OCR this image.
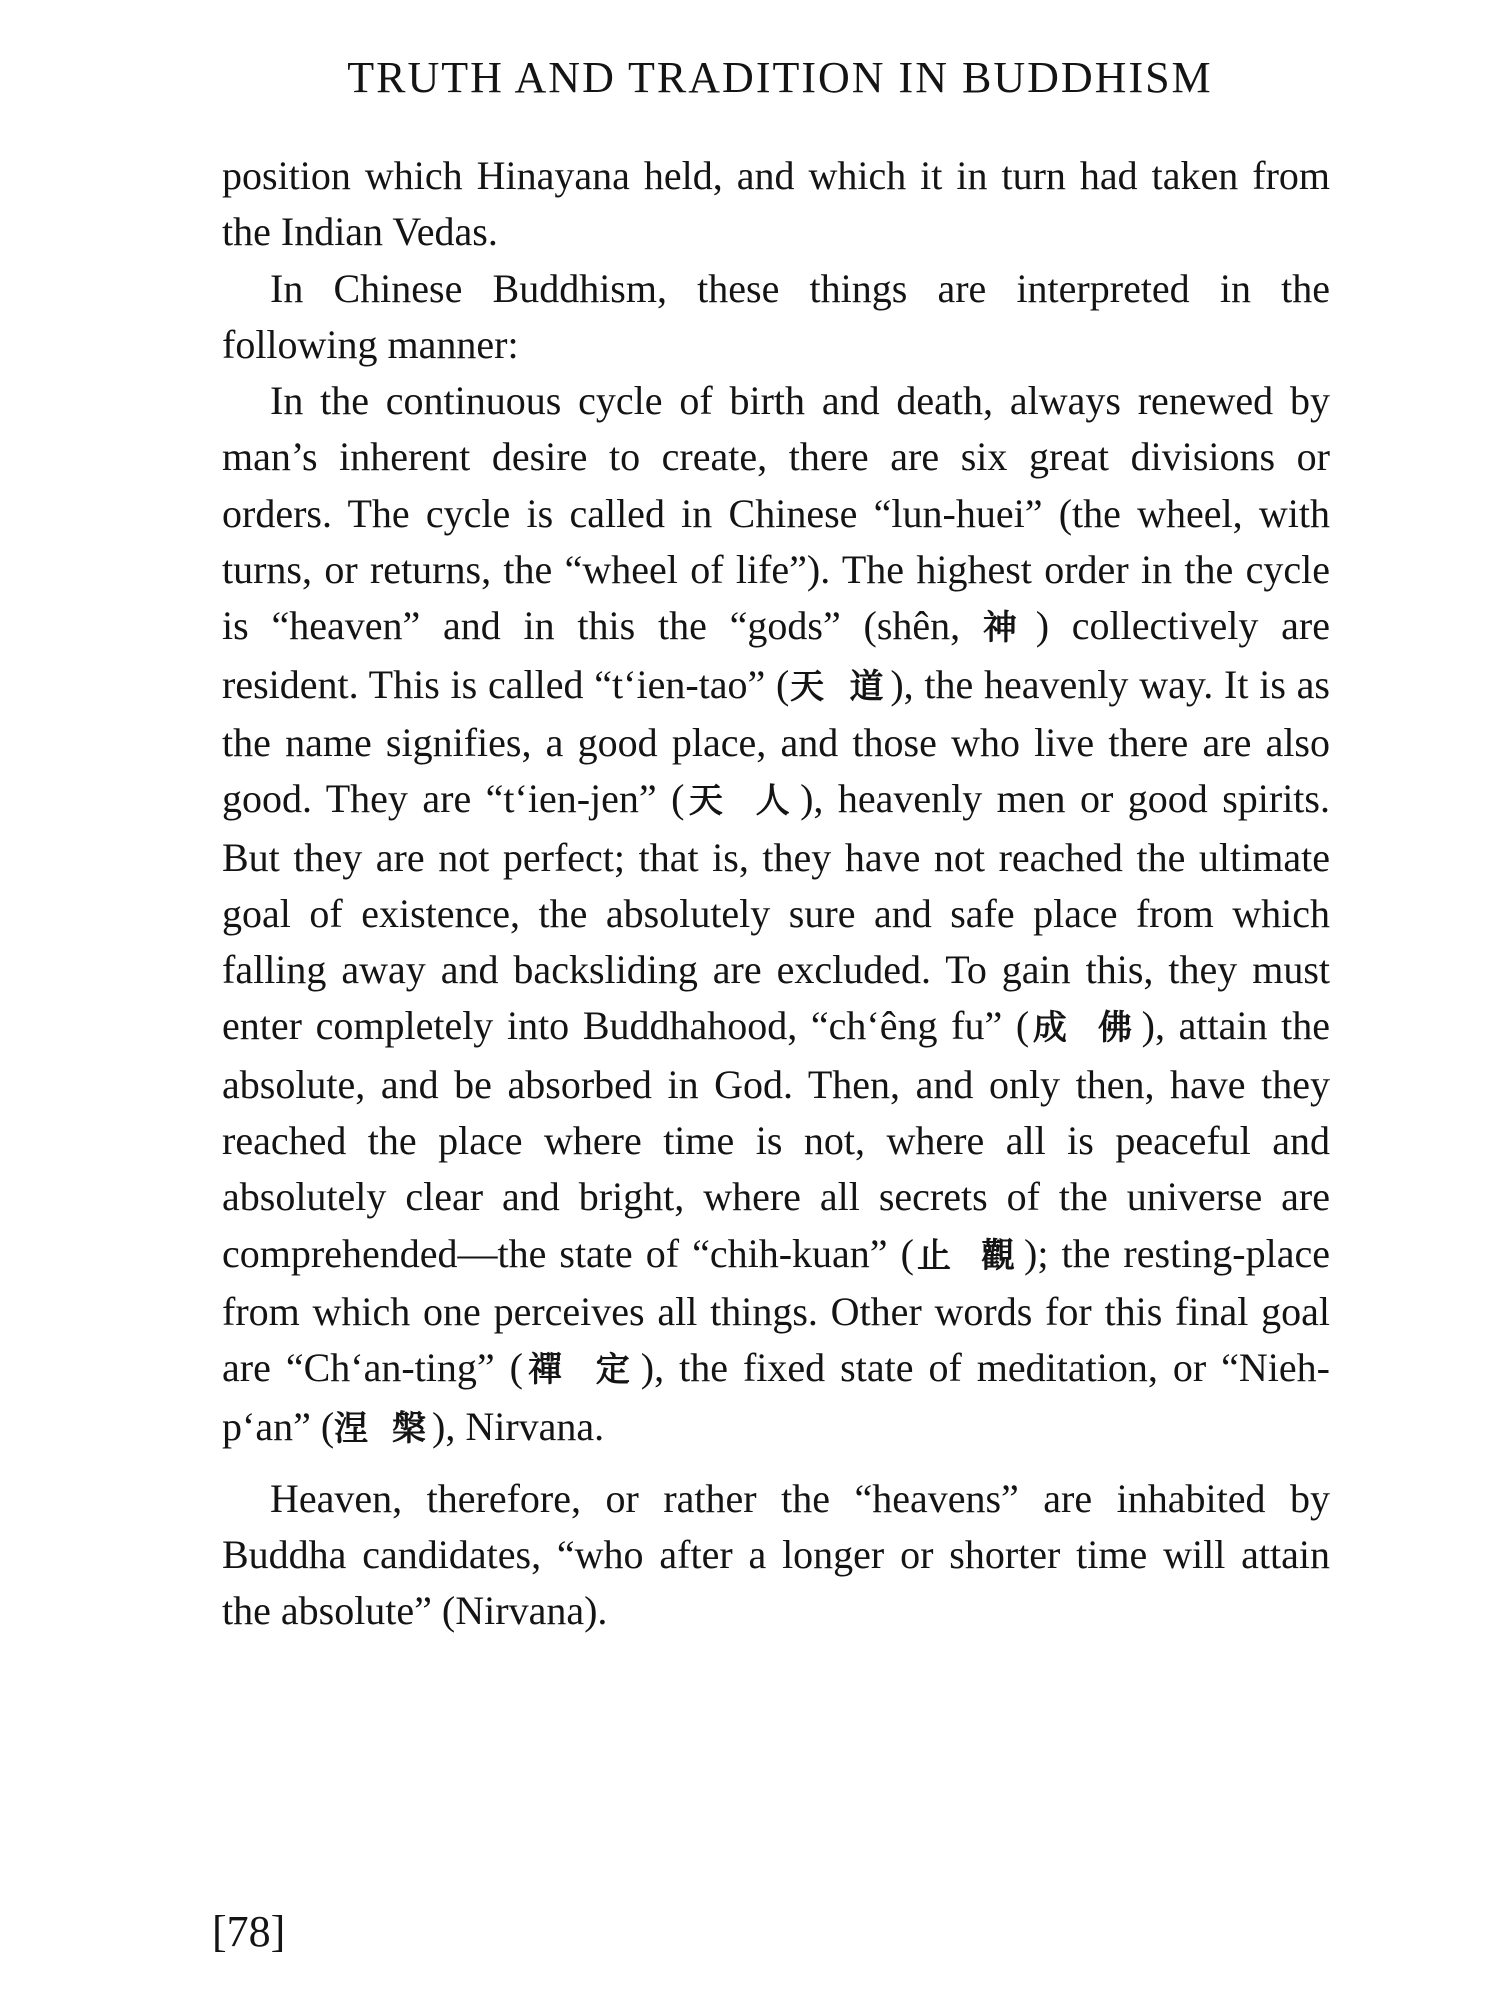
TRUTH AND TRADITION IN BUDDHISM

position which Hinayana held, and which it in turn had taken from the Indian Vedas.

In Chinese Buddhism, these things are interpreted in the following manner:

In the continuous cycle of birth and death, always renewed by man’s inherent desire to create, there are six great divisions or orders. The cycle is called in Chinese “lun-huei” (the wheel, with turns, or returns, the “wheel of life”). The highest order in the cycle is “heaven” and in this the “gods” (shên, 神) collectively are resident. This is called “t‘ien-tao” (天 道), the heavenly way. It is as the name signifies, a good place, and those who live there are also good. They are “t‘ien-jen” (天 人), heavenly men or good spirits. But they are not perfect; that is, they have not reached the ultimate goal of existence, the absolutely sure and safe place from which falling away and backsliding are excluded. To gain this, they must enter completely into Buddhahood, “ch‘êng fu” (成 佛), attain the absolute, and be absorbed in God. Then, and only then, have they reached the place where time is not, where all is peaceful and absolutely clear and bright, where all secrets of the universe are comprehended—the state of “chih-kuan” (止 觀); the resting-place from which one perceives all things. Other words for this final goal are “Ch‘an-ting” (禪 定), the fixed state of meditation, or “Nieh-p‘an” (涅 槃), Nirvana.

Heaven, therefore, or rather the “heavens” are inhabited by Buddha candidates, “who after a longer or shorter time will attain the absolute” (Nirvana).

[78]
